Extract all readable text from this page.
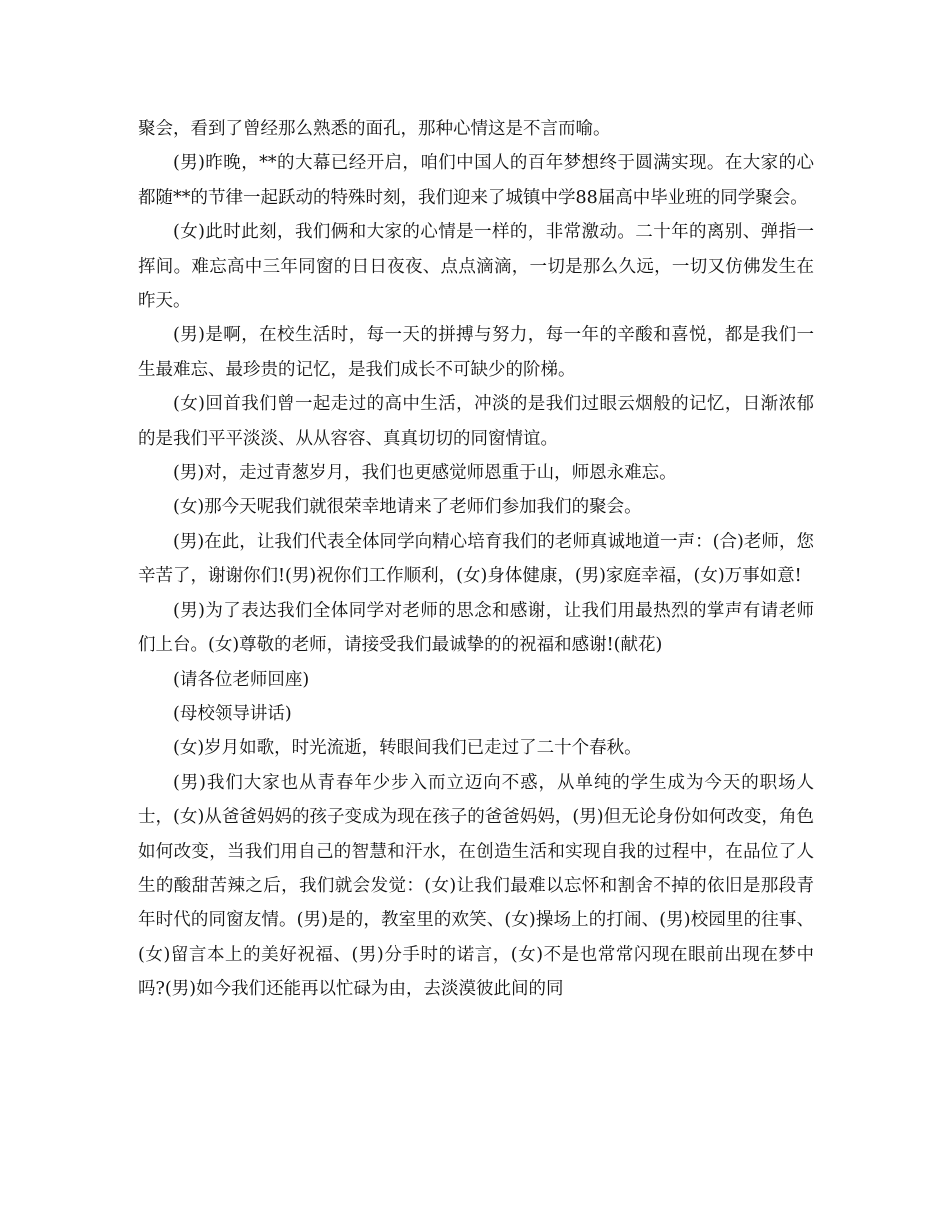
聚会，看到了曾经那么熟悉的面孔，那种心情这是不言而喻。

(男)昨晚，**的大幕已经开启，咱们中国人的百年梦想终于圆满实现。在大家的心都随**的节律一起跃动的特殊时刻，我们迎来了城镇中学88届高中毕业班的同学聚会。

(女)此时此刻，我们俩和大家的心情是一样的，非常激动。二十年的离别、弹指一挥间。难忘高中三年同窗的日日夜夜、点点滴滴，一切是那么久远，一切又仿佛发生在昨天。

(男)是啊，在校生活时，每一天的拼搏与努力，每一年的辛酸和喜悦，都是我们一生最难忘、最珍贵的记忆，是我们成长不可缺少的阶梯。

(女)回首我们曾一起走过的高中生活，冲淡的是我们过眼云烟般的记忆，日渐浓郁的是我们平平淡淡、从从容容、真真切切的同窗情谊。

(男)对，走过青葱岁月，我们也更感觉师恩重于山，师恩永难忘。

(女)那今天呢我们就很荣幸地请来了老师们参加我们的聚会。

(男)在此，让我们代表全体同学向精心培育我们的老师真诚地道一声：(合)老师，您辛苦了，谢谢你们!(男)祝你们工作顺利，(女)身体健康，(男)家庭幸福，(女)万事如意!

(男)为了表达我们全体同学对老师的思念和感谢，让我们用最热烈的掌声有请老师们上台。(女)尊敬的老师，请接受我们最诚挚的的祝福和感谢!(献花)

(请各位老师回座)

(母校领导讲话)

(女)岁月如歌，时光流逝，转眼间我们已走过了二十个春秋。

(男)我们大家也从青春年少步入而立迈向不惑，从单纯的学生成为今天的职场人士，(女)从爸爸妈妈的孩子变成为现在孩子的爸爸妈妈，(男)但无论身份如何改变，角色如何改变，当我们用自己的智慧和汗水，在创造生活和实现自我的过程中，在品位了人生的酸甜苦辣之后，我们就会发觉：(女)让我们最难以忘怀和割舍不掉的依旧是那段青年时代的同窗友情。(男)是的，教室里的欢笑、(女)操场上的打闹、(男)校园里的往事、(女)留言本上的美好祝福、(男)分手时的诺言，(女)不是也常常闪现在眼前出现在梦中吗?(男)如今我们还能再以忙碌为由，去淡漠彼此间的同
